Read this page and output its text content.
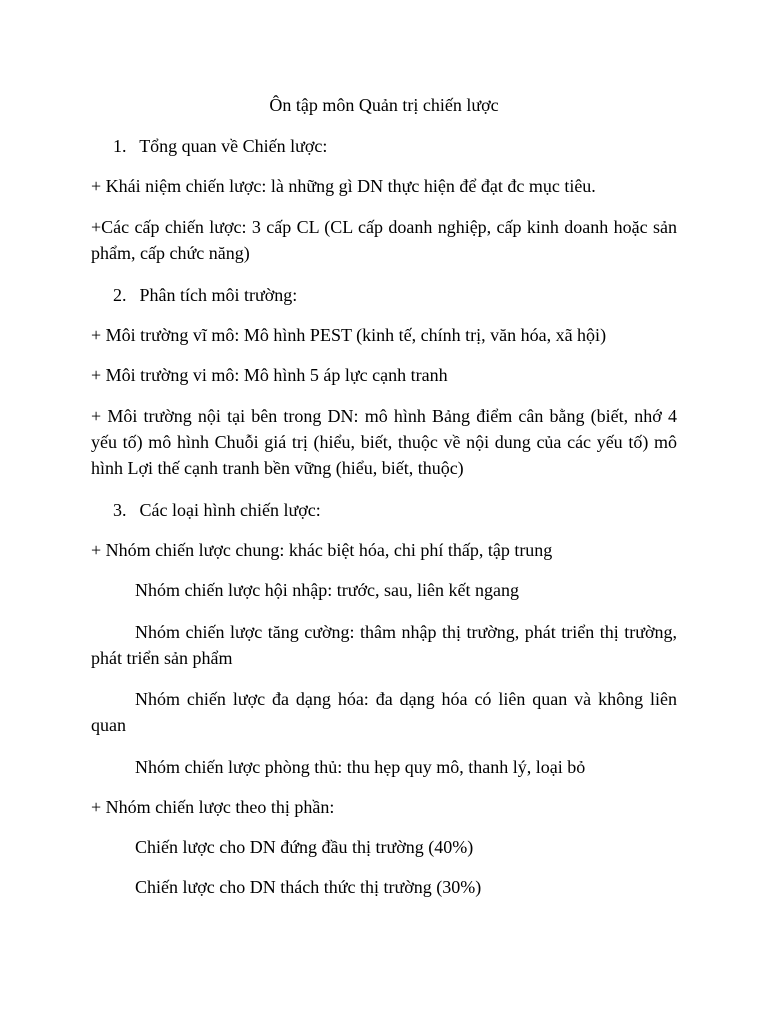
Ôn tập môn Quản trị chiến lược
1. Tổng quan về Chiến lược:
+ Khái niệm chiến lược: là những gì DN thực hiện để đạt đc mục tiêu.
+Các cấp chiến lược: 3 cấp CL (CL cấp doanh nghiệp, cấp kinh doanh hoặc sản phẩm, cấp chức năng)
2. Phân tích môi trường:
+ Môi trường vĩ mô: Mô hình PEST (kinh tế, chính trị, văn hóa, xã hội)
+ Môi trường vi mô: Mô hình 5 áp lực cạnh tranh
+ Môi trường nội tại bên trong DN: mô hình Bảng điểm cân bằng (biết, nhớ 4 yếu tố) mô hình Chuỗi giá trị (hiểu, biết, thuộc về nội dung của các yếu tố) mô hình Lợi thế cạnh tranh bền vững (hiểu, biết, thuộc)
3. Các loại hình chiến lược:
+ Nhóm chiến lược chung: khác biệt hóa, chi phí thấp, tập trung
Nhóm chiến lược hội nhập: trước, sau, liên kết ngang
Nhóm chiến lược tăng cường: thâm nhập thị trường, phát triển thị trường, phát triển sản phẩm
Nhóm chiến lược đa dạng hóa: đa dạng hóa có liên quan và không liên quan
Nhóm chiến lược phòng thủ: thu hẹp quy mô, thanh lý, loại bỏ
+ Nhóm chiến lược theo thị phần:
Chiến lược cho DN đứng đầu thị trường (40%)
Chiến lược cho DN thách thức thị trường (30%)
